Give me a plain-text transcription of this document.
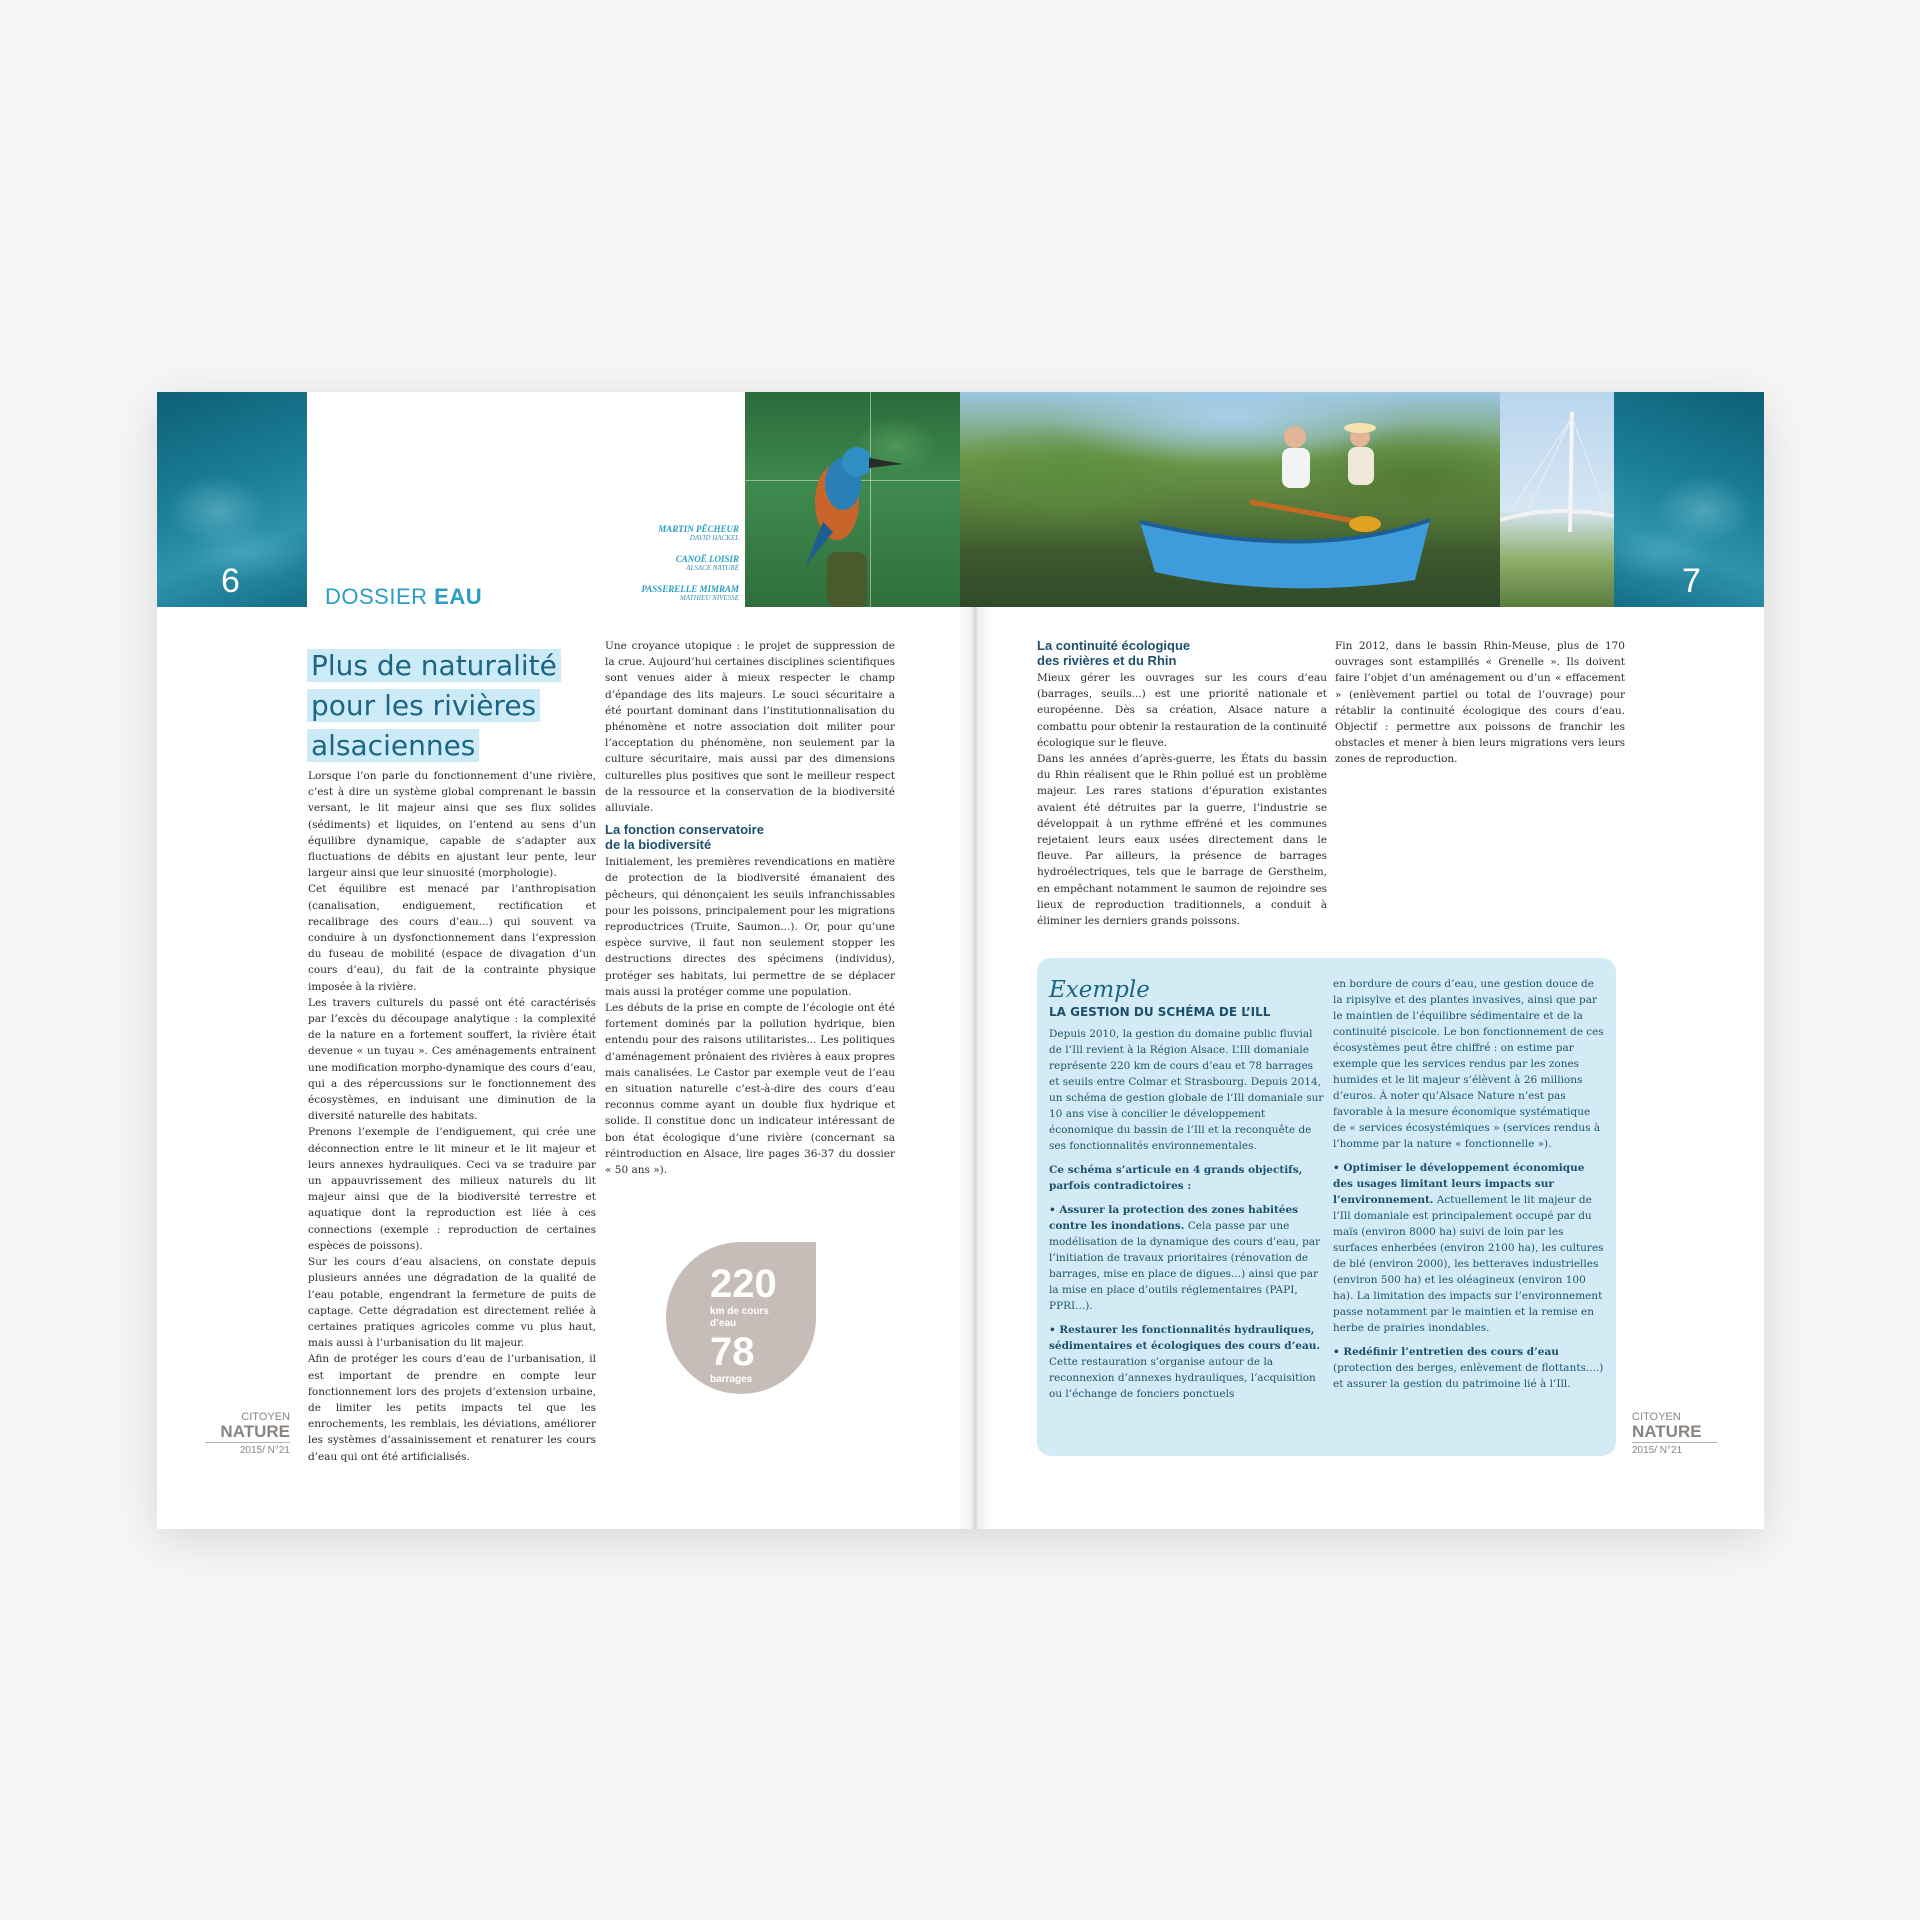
6
MARTIN PÊCHEUR
DAVID HACKEL
CANOË LOISIR
ALSACE NATURE
PASSERELLE MIMRAM
MATHIEU NIVESSE	7
DOSSIER EAU
Plus de naturalité
pour les rivières
alsaciennes

Lorsque l’on parle du fonctionnement d’une rivière, c’est à dire un système global comprenant le bassin versant, le lit majeur ainsi que ses flux solides (sédiments) et liquides, on l’entend au sens d’un équilibre dynamique, capable de s’adapter aux fluctuations de débits en ajustant leur pente, leur largeur ainsi que leur sinuosité (morphologie).

Cet équilibre est menacé par l’anthropisation (canalisation, endiguement, rectification et recalibrage des cours d’eau...) qui souvent va conduire à un dysfonctionnement dans l’expression du fuseau de mobilité (espace de divagation d’un cours d’eau), du fait de la contrainte physique imposée à la rivière.

Les travers culturels du passé ont été caractérisés par l’excès du découpage analytique : la complexité de la nature en a fortement souffert, la rivière était devenue « un tuyau ». Ces aménagements entrainent une modification morpho-dynamique des cours d’eau, qui a des répercussions sur le fonctionnement des écosystèmes, en induisant une diminution de la diversité naturelle des habitats.

Prenons l’exemple de l’endiguement, qui crée une déconnection entre le lit mineur et le lit majeur et leurs annexes hydrauliques. Ceci va se traduire par un appauvrissement des milieux naturels du lit majeur ainsi que de la biodiversité terrestre et aquatique dont la reproduction est liée à ces connections (exemple : reproduction de certaines espèces de poissons).

Sur les cours d’eau alsaciens, on constate depuis plusieurs années une dégradation de la qualité de l’eau potable, engendrant la fermeture de puits de captage. Cette dégradation est directement reliée à certaines pratiques agricoles comme vu plus haut, mais aussi à l’urbanisation du lit majeur.

Afin de protéger les cours d’eau de l’urbanisation, il est important de prendre en compte leur fonctionnement lors des projets d’extension urbaine, de limiter les petits impacts tel que les enrochements, les remblais, les déviations, améliorer les systèmes d’assainissement et renaturer les cours d’eau qui ont été artificialisés.

Une croyance utopique : le projet de suppression de la crue. Aujourd’hui certaines disciplines scientifiques sont venues aider à mieux respecter le champ d’épandage des lits majeurs. Le souci sécuritaire a été pourtant dominant dans l’institutionnalisation du phénomène et notre association doit militer pour l’acceptation du phénomène, non seulement par la culture sécuritaire, mais aussi par des dimensions culturelles plus positives que sont le meilleur respect de la ressource et la conservation de la biodiversité alluviale.

La fonction conservatoire
de la biodiversité

Initialement, les premières revendications en matière de protection de la biodiversité émanaient des pêcheurs, qui dénonçaient les seuils infranchissables pour les poissons, principalement pour les migrations reproductrices (Truite, Saumon...). Or, pour qu’une espèce survive, il faut non seulement stopper les destructions directes des spécimens (individus), protéger ses habitats, lui permettre de se déplacer mais aussi la protéger comme une population.

Les débuts de la prise en compte de l’écologie ont été fortement dominés par la pollution hydrique, bien entendu pour des raisons utilitaristes... Les politiques d’aménagement prônaient des rivières à eaux propres mais canalisées. Le Castor par exemple veut de l’eau en situation naturelle c’est-à-dire des cours d’eau reconnus comme ayant un double flux hydrique et solide. Il constitue donc un indicateur intéressant de bon état écologique d’une rivière (concernant sa réintroduction en Alsace, lire pages 36-37 du dossier « 50 ans »).

220
km de cours d’eau
78
barrages
La continuité écologique
des rivières et du Rhin

Mieux gérer les ouvrages sur les cours d’eau (barrages, seuils...) est une priorité nationale et européenne. Dès sa création, Alsace nature a combattu pour obtenir la restauration de la continuité écologique sur le fleuve.

Dans les années d’après-guerre, les États du bassin du Rhin réalisent que le Rhin pollué est un problème majeur. Les rares stations d’épuration existantes avaient été détruites par la guerre, l’industrie se développait à un rythme effréné et les communes rejetaient leurs eaux usées directement dans le fleuve. Par ailleurs, la présence de barrages hydroélectriques, tels que le barrage de Gerstheim, en empêchant notamment le saumon de rejoindre ses lieux de reproduction traditionnels, a conduit à éliminer les derniers grands poissons.

Fin 2012, dans le bassin Rhin-Meuse, plus de 170 ouvrages sont estampillés « Grenelle ». Ils doivent faire l’objet d’un aménagement ou d’un « effacement » (enlèvement partiel ou total de l’ouvrage) pour rétablir la continuité écologique des cours d’eau. Objectif : permettre aux poissons de franchir les obstacles et mener à bien leurs migrations vers leurs zones de reproduction.

Exemple
LA GESTION DU SCHÉMA DE L’ILL

Depuis 2010, la gestion du domaine public fluvial de l’Ill revient à la Région Alsace. L’Ill domaniale représente 220 km de cours d’eau et 78 barrages et seuils entre Colmar et Strasbourg. Depuis 2014, un schéma de gestion globale de l’Ill domaniale sur 10 ans vise à concilier le développement économique du bassin de l’Ill et la reconquête de ses fonctionnalités environnementales.

Ce schéma s’articule en 4 grands objectifs, parfois contradictoires :

• Assurer la protection des zones habitées contre les inondations. Cela passe par une modélisation de la dynamique des cours d’eau, par l’initiation de travaux prioritaires (rénovation de barrages, mise en place de digues...) ainsi que par la mise en place d’outils réglementaires (PAPI, PPRI...).

• Restaurer les fonctionnalités hydrauliques, sédimentaires et écologiques des cours d’eau. Cette restauration s’organise autour de la reconnexion d’annexes hydrauliques, l’acquisition ou l’échange de fonciers ponctuels

en bordure de cours d’eau, une gestion douce de la ripisylve et des plantes invasives, ainsi que par le maintien de l’équilibre sédimentaire et de la continuité piscicole. Le bon fonctionnement de ces écosystèmes peut être chiffré : on estime par exemple que les services rendus par les zones humides et le lit majeur s’élèvent à 26 millions d’euros. À noter qu’Alsace Nature n’est pas favorable à la mesure économique systématique de « services écosystémiques » (services rendus à l’homme par la nature « fonctionnelle »).

• Optimiser le développement économique des usages limitant leurs impacts sur l’environnement. Actuellement le lit majeur de l’Ill domaniale est principalement occupé par du maïs (environ 8000 ha) suivi de loin par les surfaces enherbées (environ 2100 ha), les cultures de blé (environ 2000), les betteraves industrielles (environ 500 ha) et les oléagineux (environ 100 ha). La limitation des impacts sur l’environnement passe notamment par le maintien et la remise en herbe de prairies inondables.

• Redéfinir l’entretien des cours d’eau (protection des berges, enlèvement de flottants....) et assurer la gestion du patrimoine lié à l’Ill.

CITOYEN
NATURE
2015/ N°21
CITOYEN
NATURE
2015/ N°21
